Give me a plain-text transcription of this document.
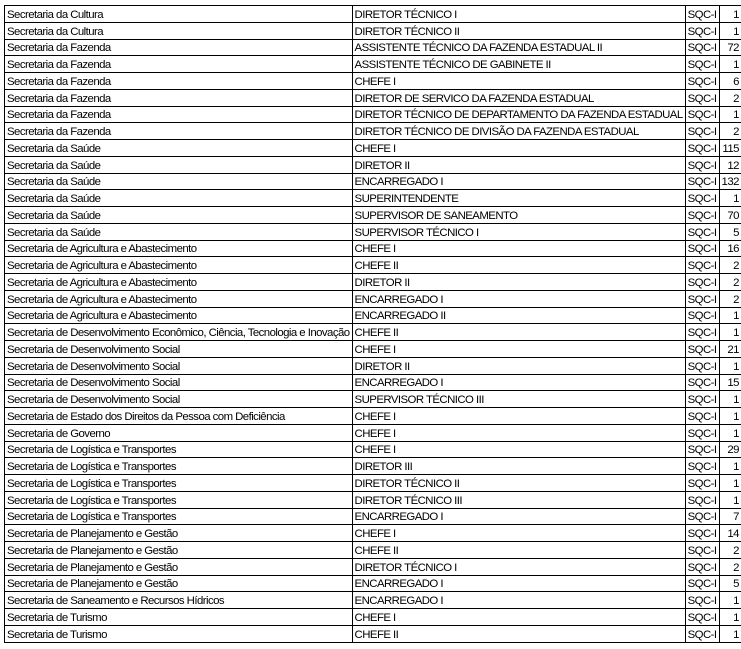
Secretaria da Cultura	DIRETOR TÉCNICO I	SQC-I	1
Secretaria da Cultura	DIRETOR TÉCNICO II	SQC-I	1
Secretaria da Fazenda	ASSISTENTE TÉCNICO DA FAZENDA ESTADUAL II	SQC-I	72
Secretaria da Fazenda	ASSISTENTE TÉCNICO DE GABINETE II	SQC-I	1
Secretaria da Fazenda	CHEFE I	SQC-I	6
Secretaria da Fazenda	DIRETOR DE SERVICO DA FAZENDA ESTADUAL	SQC-I	2
Secretaria da Fazenda	DIRETOR TÉCNICO DE DEPARTAMENTO DA FAZENDA ESTADUAL	SQC-I	1
Secretaria da Fazenda	DIRETOR TÉCNICO DE DIVISÃO DA FAZENDA ESTADUAL	SQC-I	2
Secretaria da Saúde	CHEFE I	SQC-I	115
Secretaria da Saúde	DIRETOR II	SQC-I	12
Secretaria da Saúde	ENCARREGADO I	SQC-I	132
Secretaria da Saúde	SUPERINTENDENTE	SQC-I	1
Secretaria da Saúde	SUPERVISOR DE SANEAMENTO	SQC-I	70
Secretaria da Saúde	SUPERVISOR TÉCNICO I	SQC-I	5
Secretaria de Agricultura e Abastecimento	CHEFE I	SQC-I	16
Secretaria de Agricultura e Abastecimento	CHEFE II	SQC-I	2
Secretaria de Agricultura e Abastecimento	DIRETOR II	SQC-I	2
Secretaria de Agricultura e Abastecimento	ENCARREGADO I	SQC-I	2
Secretaria de Agricultura e Abastecimento	ENCARREGADO II	SQC-I	1
Secretaria de Desenvolvimento Econômico, Ciência, Tecnologia e Inovação	CHEFE II	SQC-I	1
Secretaria de Desenvolvimento Social	CHEFE I	SQC-I	21
Secretaria de Desenvolvimento Social	DIRETOR II	SQC-I	1
Secretaria de Desenvolvimento Social	ENCARREGADO I	SQC-I	15
Secretaria de Desenvolvimento Social	SUPERVISOR TÉCNICO III	SQC-I	1
Secretaria de Estado dos Direitos da Pessoa com Deficiência	CHEFE I	SQC-I	1
Secretaria de Governo	CHEFE I	SQC-I	1
Secretaria de Logística e Transportes	CHEFE I	SQC-I	29
Secretaria de Logística e Transportes	DIRETOR III	SQC-I	1
Secretaria de Logística e Transportes	DIRETOR TÉCNICO II	SQC-I	1
Secretaria de Logística e Transportes	DIRETOR TÉCNICO III	SQC-I	1
Secretaria de Logística e Transportes	ENCARREGADO I	SQC-I	7
Secretaria de Planejamento e Gestão	CHEFE I	SQC-I	14
Secretaria de Planejamento e Gestão	CHEFE II	SQC-I	2
Secretaria de Planejamento e Gestão	DIRETOR TÉCNICO I	SQC-I	2
Secretaria de Planejamento e Gestão	ENCARREGADO I	SQC-I	5
Secretaria de Saneamento e Recursos Hídricos	ENCARREGADO I	SQC-I	1
Secretaria de Turismo	CHEFE I	SQC-I	1
Secretaria de Turismo	CHEFE II	SQC-I	1
